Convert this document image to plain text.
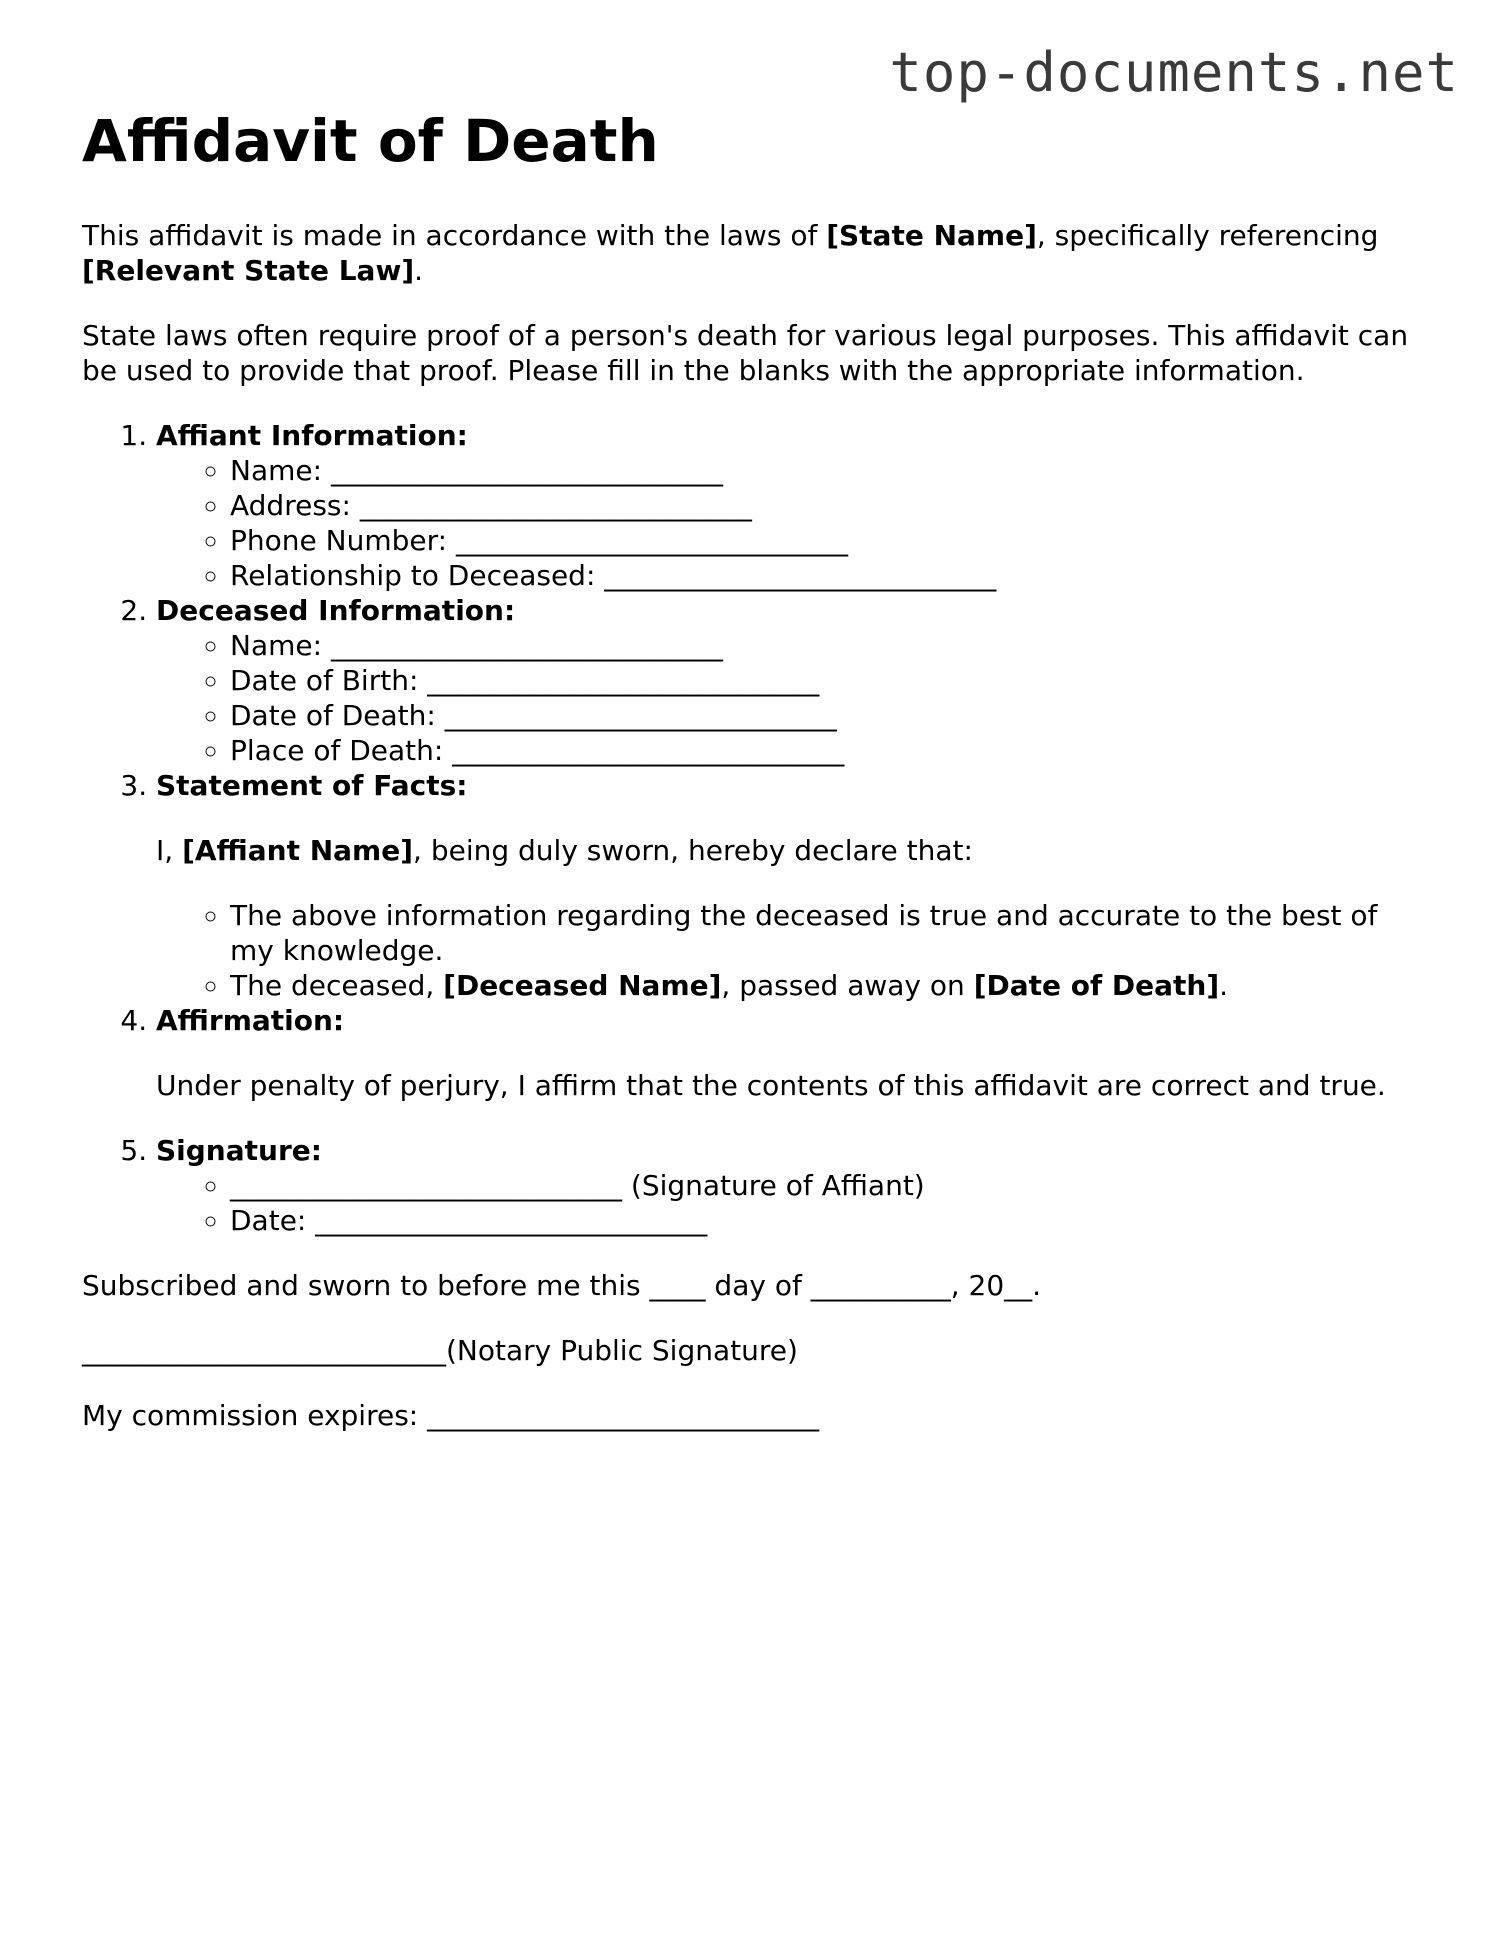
top-documents.net
Affidavit of Death

This affidavit is made in accordance with the laws of [State Name], specifically referencing [Relevant State Law].

State laws often require proof of a person's death for various legal purposes. This affidavit can be used to provide that proof. Please fill in the blanks with the appropriate information.

1. Affiant Information:
◦ Name: ____________________________
◦ Address: ____________________________
◦ Phone Number: ____________________________
◦ Relationship to Deceased: ____________________________
2. Deceased Information:
◦ Name: ____________________________
◦ Date of Birth: ____________________________
◦ Date of Death: ____________________________
◦ Place of Death: ____________________________
3. Statement of Facts:

I, [Affiant Name], being duly sworn, hereby declare that:

◦ The above information regarding the deceased is true and accurate to the best of my knowledge.
◦ The deceased, [Deceased Name], passed away on [Date of Death].
4. Affirmation:

Under penalty of perjury, I affirm that the contents of this affidavit are correct and true.

5. Signature:
◦ ____________________________ (Signature of Affiant)
◦ Date: ____________________________

Subscribed and sworn to before me this ____ day of __________, 20__.

__________________________(Notary Public Signature)

My commission expires: ____________________________
